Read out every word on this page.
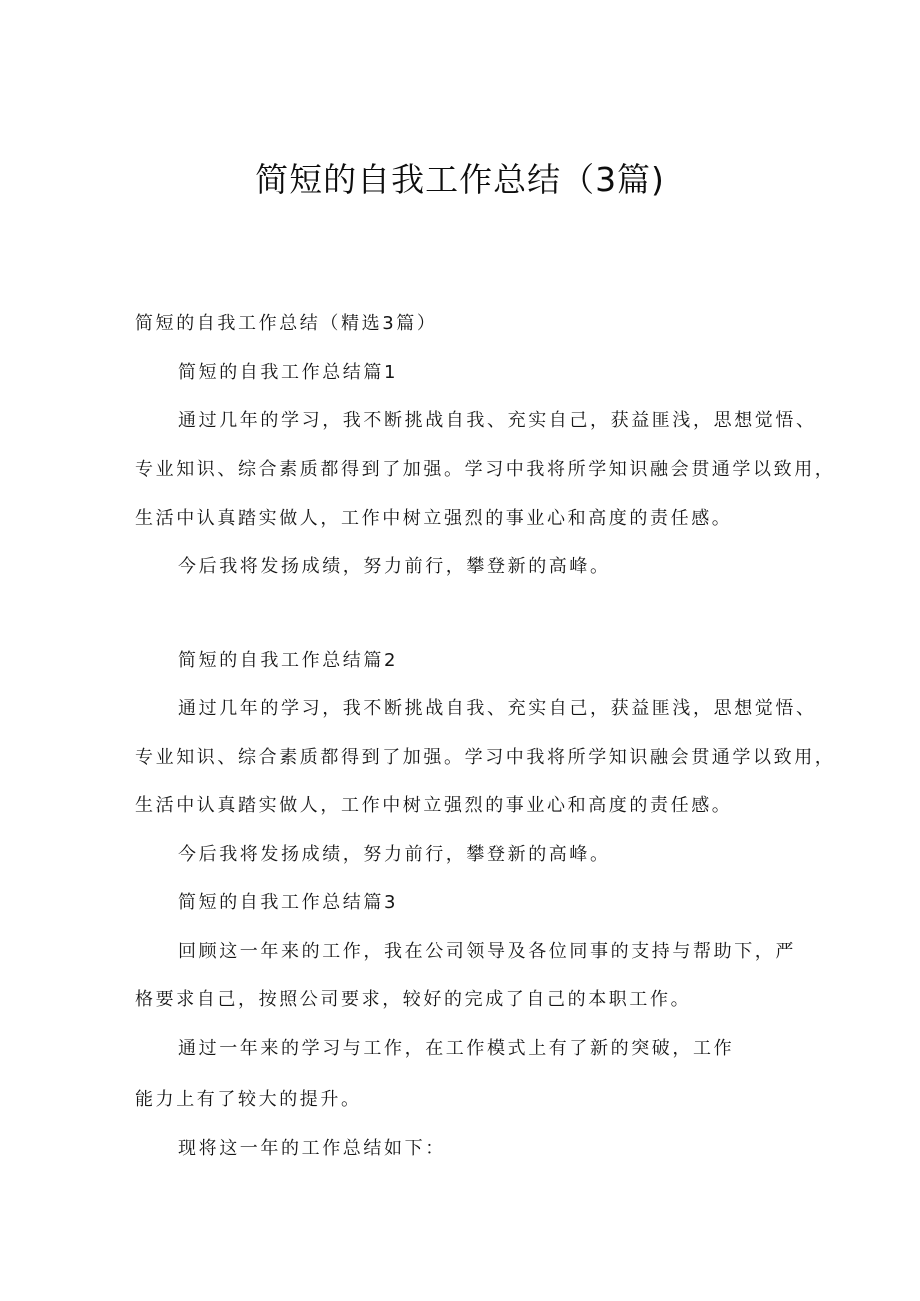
简短的自我工作总结（3篇)

简短的自我工作总结（精选3篇）

简短的自我工作总结篇1

通过几年的学习，我不断挑战自我、充实自己，获益匪浅，思想觉悟、

专业知识、综合素质都得到了加强。学习中我将所学知识融会贯通学以致用，

生活中认真踏实做人，工作中树立强烈的事业心和高度的责任感。

今后我将发扬成绩，努力前行，攀登新的高峰。

简短的自我工作总结篇2

通过几年的学习，我不断挑战自我、充实自己，获益匪浅，思想觉悟、

专业知识、综合素质都得到了加强。学习中我将所学知识融会贯通学以致用，

生活中认真踏实做人，工作中树立强烈的事业心和高度的责任感。

今后我将发扬成绩，努力前行，攀登新的高峰。

简短的自我工作总结篇3

回顾这一年来的工作，我在公司领导及各位同事的支持与帮助下，严

格要求自己，按照公司要求，较好的完成了自己的本职工作。

通过一年来的学习与工作，在工作模式上有了新的突破，工作

能力上有了较大的提升。

现将这一年的工作总结如下：
